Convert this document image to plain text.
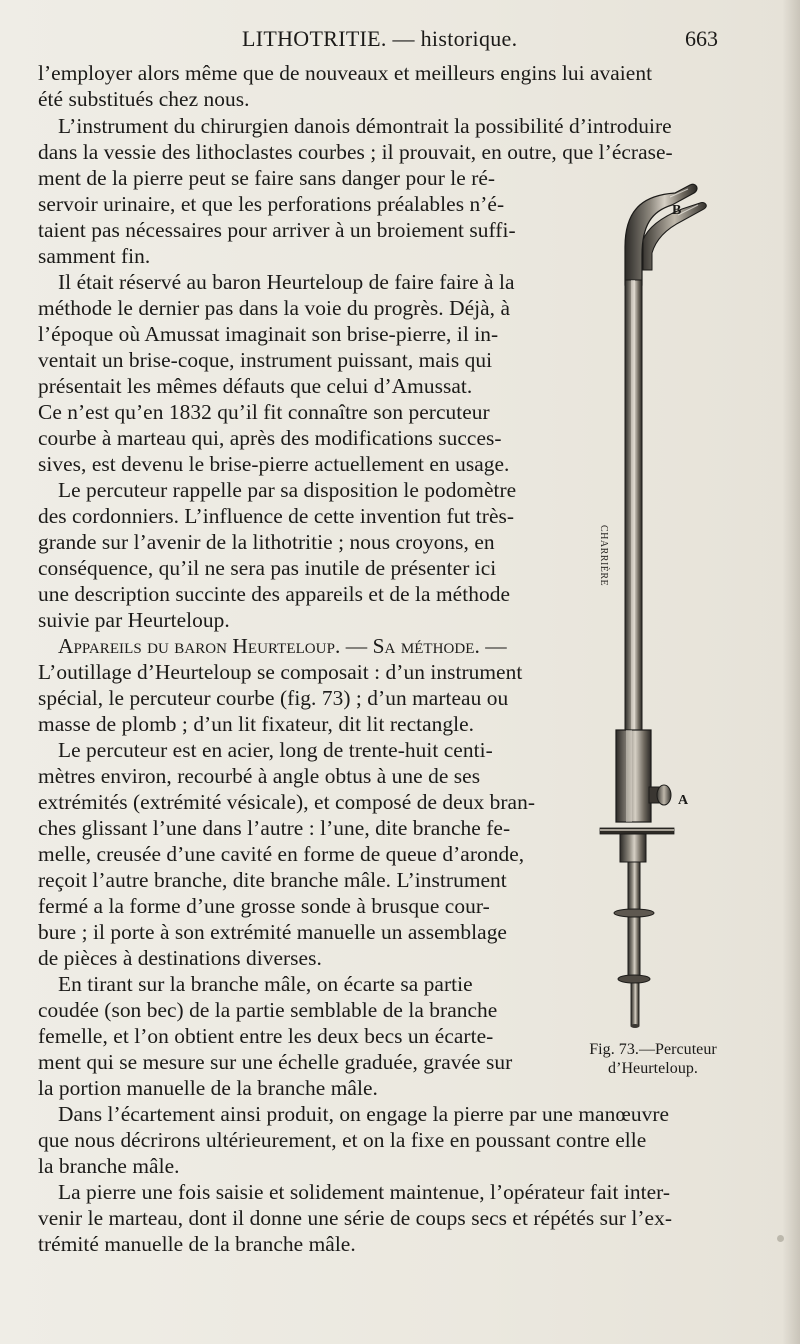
LITHOTRITIE. — historique.	663
l’employer alors même que de nouveaux et meilleurs engins lui avaient
été substitués chez nous.
L’instrument du chirurgien danois démontrait la possibilité d’introduire
dans la vessie des lithoclastes courbes ; il prouvait, en outre, que l’écrase-
ment de la pierre peut se faire sans danger pour le ré-
servoir urinaire, et que les perforations préalables n’é-
taient pas nécessaires pour arriver à un broiement suffi-
samment fin.
Il était réservé au baron Heurteloup de faire faire à la
méthode le dernier pas dans la voie du progrès. Déjà, à
l’époque où Amussat imaginait son brise-pierre, il in-
ventait un brise-coque, instrument puissant, mais qui
présentait les mêmes défauts que celui d’Amussat.
Ce n’est qu’en 1832 qu’il fit connaître son percuteur
courbe à marteau qui, après des modifications succes-
sives, est devenu le brise-pierre actuellement en usage.
Le percuteur rappelle par sa disposition le podomètre
des cordonniers. L’influence de cette invention fut très-
grande sur l’avenir de la lithotritie ; nous croyons, en
conséquence, qu’il ne sera pas inutile de présenter ici
une description succinte des appareils et de la méthode
suivie par Heurteloup.
Appareils du baron Heurteloup. — Sa méthode. —
L’outillage d’Heurteloup se composait : d’un instrument
spécial, le percuteur courbe (fig. 73) ; d’un marteau ou
masse de plomb ; d’un lit fixateur, dit lit rectangle.
Le percuteur est en acier, long de trente-huit centi-
mètres environ, recourbé à angle obtus à une de ses
extrémités (extrémité vésicale), et composé de deux bran-
ches glissant l’une dans l’autre : l’une, dite branche fe-
melle, creusée d’une cavité en forme de queue d’aronde,
reçoit l’autre branche, dite branche mâle. L’instrument
fermé a la forme d’une grosse sonde à brusque cour-
bure ; il porte à son extrémité manuelle un assemblage
de pièces à destinations diverses.
En tirant sur la branche mâle, on écarte sa partie
coudée (son bec) de la partie semblable de la branche
femelle, et l’on obtient entre les deux becs un écarte-
ment qui se mesure sur une échelle graduée, gravée sur
la portion manuelle de la branche mâle.
Dans l’écartement ainsi produit, on engage la pierre par une manœuvre
que nous décrirons ultérieurement, et on la fixe en poussant contre elle
la branche mâle.
La pierre une fois saisie et solidement maintenue, l’opérateur fait inter-
venir le marteau, dont il donne une série de coups secs et répétés sur l’ex-
trémité manuelle de la branche mâle.
B
A
CHARRIÈRE
Fig. 73.—Percuteur
d’Heurteloup.
